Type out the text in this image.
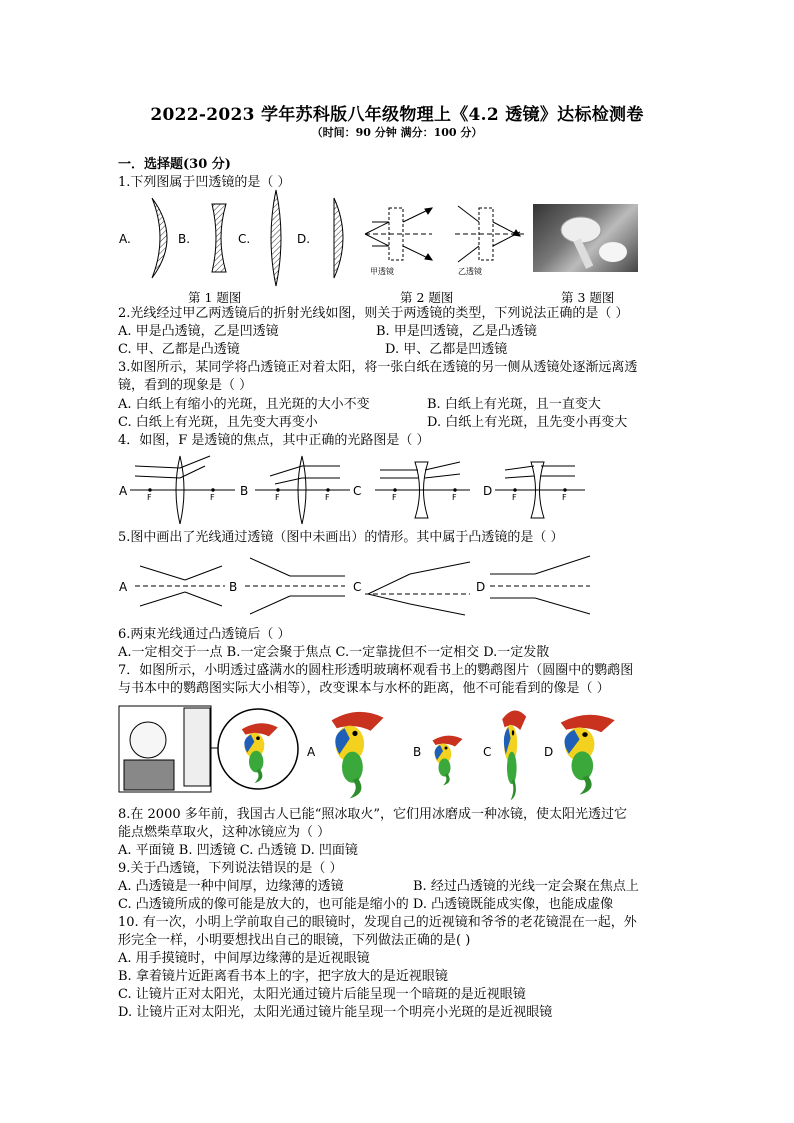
2022-2023 学年苏科版八年级物理上《4.2 透镜》达标检测卷
（时间：90 分钟 满分：100 分）
一．选择题(30 分)
1.下列图属于凹透镜的是（ ）
A.	B.	C.	D.
甲透镜	乙透镜
第 1 题图	第 2 题图	第 3 题图
2.光线经过甲乙两透镜后的折射光线如图，则关于两透镜的类型，下列说法正确的是（ ）
A. 甲是凸透镜，乙是凹透镜	B. 甲是凹透镜，乙是凸透镜
C. 甲、乙都是凸透镜	D. 甲、乙都是凹透镜
3.如图所示，某同学将凸透镜正对着太阳，将一张白纸在透镜的另一侧从透镜处逐渐远离透
镜，看到的现象是（ ）
A. 白纸上有缩小的光斑，且光斑的大小不变	B. 白纸上有光斑，且一直变大
C. 白纸上有光斑，且先变大再变小	D. 白纸上有光斑，且先变小再变大
4．如图，F 是透镜的焦点，其中正确的光路图是（ ）
A	B	C	D
F	F	F	F	F	F	F	F
5.图中画出了光线通过透镜（图中未画出）的情形。其中属于凸透镜的是（ ）
A	B	C	D
6.两束光线通过凸透镜后（ ）
A.一定相交于一点 B.一定会聚于焦点 C.一定靠拢但不一定相交 D.一定发散
7．如图所示，小明透过盛满水的圆柱形透明玻璃杯观看书上的鹦鹉图片（圆圈中的鹦鹉图
与书本中的鹦鹉图实际大小相等），改变课本与水杯的距离，他不可能看到的像是（ ）
A	B	C	D
8.在 2000 多年前，我国古人已能“照冰取火”，它们用冰磨成一种冰镜，使太阳光透过它
能点燃柴草取火，这种冰镜应为（ ）
A. 平面镜 B. 凹透镜 C. 凸透镜 D. 凹面镜
9.关于凸透镜，下列说法错误的是（ ）
A. 凸透镜是一种中间厚，边缘薄的透镜	B. 经过凸透镜的光线一定会聚在焦点上
C. 凸透镜所成的像可能是放大的，也可能是缩小的 D. 凸透镜既能成实像，也能成虚像
10. 有一次，小明上学前取自己的眼镜时，发现自己的近视镜和爷爷的老花镜混在一起，外
形完全一样，小明要想找出自己的眼镜，下列做法正确的是( )
A. 用手摸镜时，中间厚边缘薄的是近视眼镜
B. 拿着镜片近距离看书本上的字，把字放大的是近视眼镜
C. 让镜片正对太阳光，太阳光通过镜片后能呈现一个暗斑的是近视眼镜
D. 让镜片正对太阳光，太阳光通过镜片能呈现一个明亮小光斑的是近视眼镜
